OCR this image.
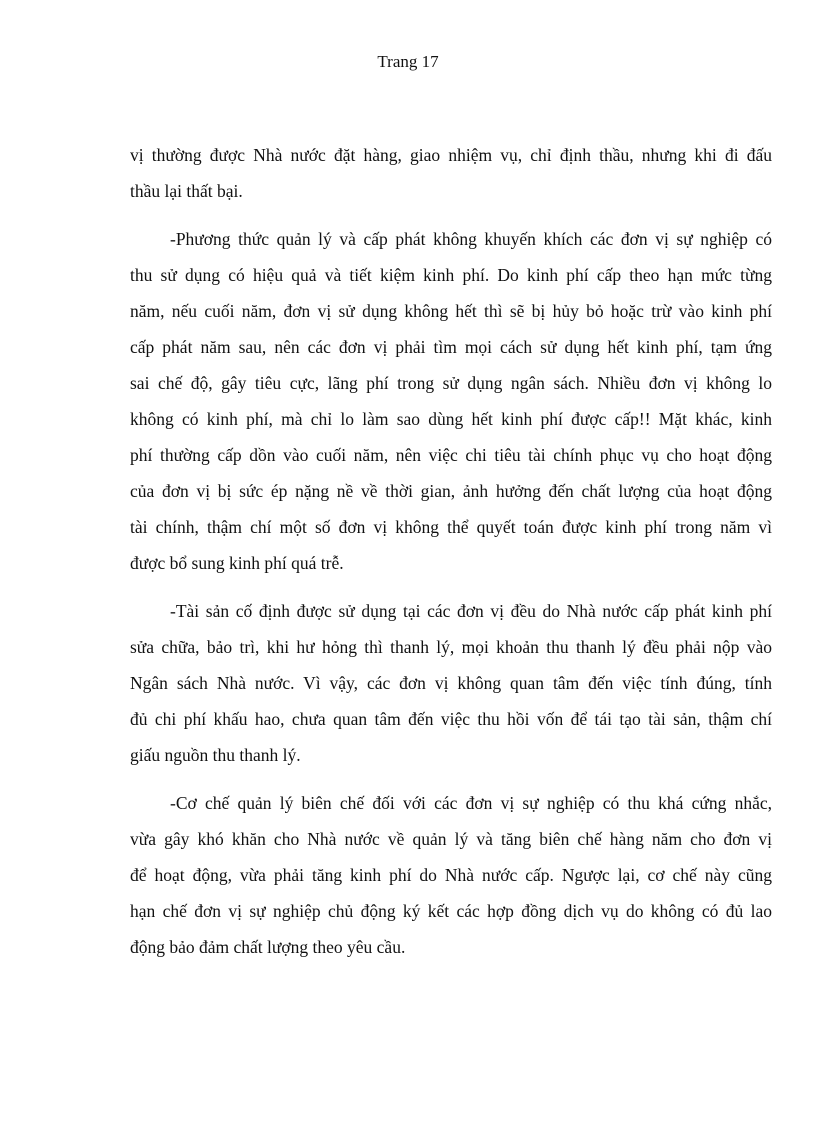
Trang 17
vị thường được Nhà nước đặt hàng, giao nhiệm vụ, chỉ định thầu, nhưng khi đi đấu
thầu lại thất bại.
-Phương thức quản lý và cấp phát không khuyến khích các đơn vị sự nghiệp có
thu sử dụng có hiệu quả và tiết kiệm kinh phí. Do kinh phí cấp theo hạn mức từng
năm, nếu cuối năm, đơn vị sử dụng không hết thì sẽ bị hủy bỏ hoặc trừ vào kinh phí
cấp phát năm sau, nên các đơn vị phải tìm mọi cách sử dụng hết kinh phí, tạm ứng
sai chế độ, gây tiêu cực, lãng phí trong sử dụng ngân sách. Nhiều đơn vị không lo
không có kinh phí, mà chỉ lo làm sao dùng hết kinh phí được cấp!! Mặt khác, kinh
phí thường cấp dồn vào cuối năm, nên việc chi tiêu tài chính phục vụ cho hoạt động
của đơn vị bị sức ép nặng nề về thời gian, ảnh hưởng đến chất lượng của hoạt động
tài chính, thậm chí một số đơn vị không thể quyết toán được kinh phí trong năm vì
được bổ sung kinh phí quá trễ.
-Tài sản cố định được sử dụng tại các đơn vị đều do Nhà nước cấp phát kinh phí
sửa chữa, bảo trì, khi hư hỏng thì thanh lý, mọi khoản thu thanh lý đều phải nộp vào
Ngân sách Nhà nước. Vì vậy, các đơn vị không quan tâm đến việc tính đúng, tính
đủ chi phí khấu hao, chưa quan tâm đến việc thu hồi vốn để tái tạo tài sản, thậm chí
giấu nguồn thu thanh lý.
-Cơ chế quản lý biên chế đối với các đơn vị sự nghiệp có thu khá cứng nhắc,
vừa gây khó khăn cho Nhà nước về quản lý và tăng biên chế hàng năm cho đơn vị
để hoạt động, vừa phải tăng kinh phí do Nhà nước cấp. Ngược lại, cơ chế này cũng
hạn chế đơn vị sự nghiệp chủ động ký kết các hợp đồng dịch vụ do không có đủ lao
động bảo đảm chất lượng theo yêu cầu.
